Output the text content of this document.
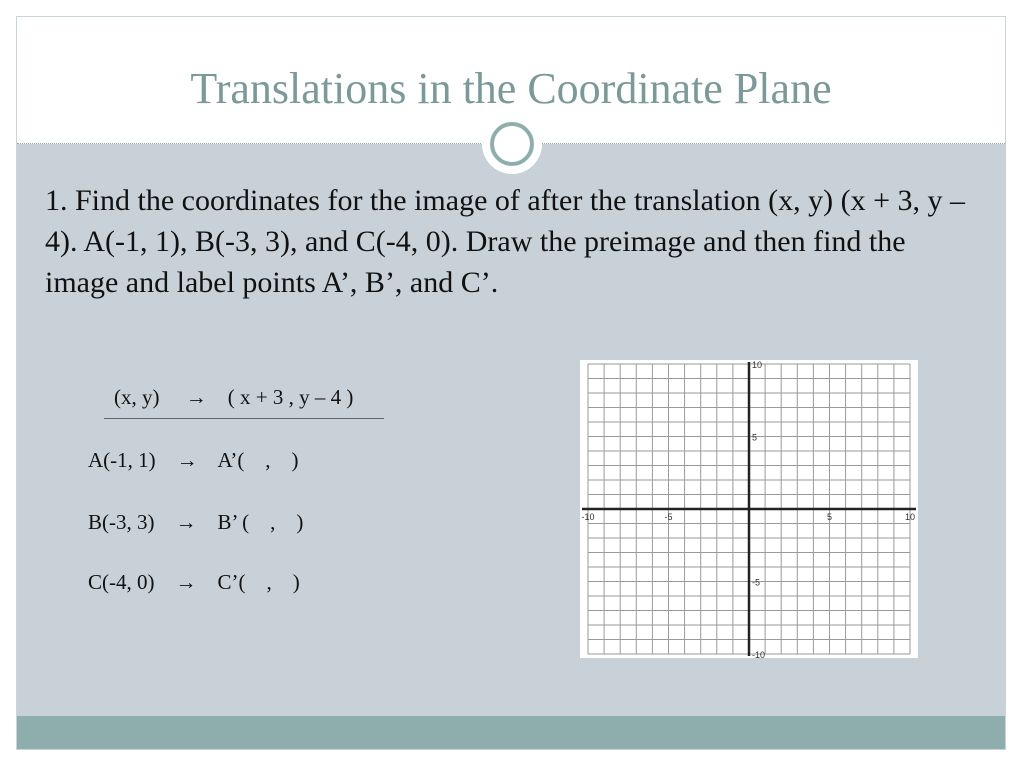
Translations in the Coordinate Plane

1. Find the coordinates for the image of after the translation (x, y) (x + 3, y – 4). A(-1, 1), B(-3, 3), and C(-4, 0). Draw the preimage and then find the image and label points A’, B’, and C’.

(x, y)     →    ( x + 3 , y – 4 )
A(-1, 1)    →    A’(    ,    )
B(-3, 3)    →    B’ (    ,    )
C(-4, 0)    →    C’(    ,    )
-10	-5	5	10
10
5
-5
-10
